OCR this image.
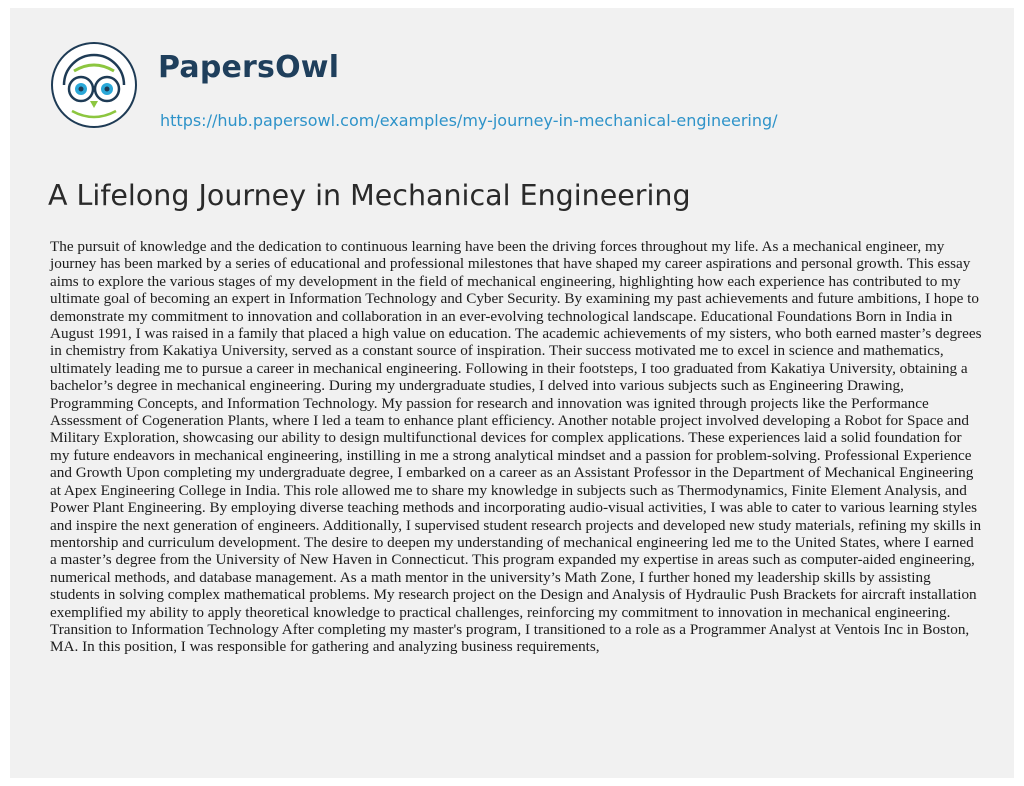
PapersOwl
https://hub.papersowl.com/examples/my-journey-in-mechanical-engineering/
A Lifelong Journey in Mechanical Engineering

The pursuit of knowledge and the dedication to continuous learning have been the driving forces throughout my life. As a mechanical engineer, my journey has been marked by a series of educational and professional milestones that have shaped my career aspirations and personal growth. This essay aims to explore the various stages of my development in the field of mechanical engineering, highlighting how each experience has contributed to my ultimate goal of becoming an expert in Information Technology and Cyber Security. By examining my past achievements and future ambitions, I hope to demonstrate my commitment to innovation and collaboration in an ever-evolving technological landscape. Educational Foundations Born in India in August 1991, I was raised in a family that placed a high value on education. The academic achievements of my sisters, who both earned master’s degrees in chemistry from Kakatiya University, served as a constant source of inspiration. Their success motivated me to excel in science and mathematics, ultimately leading me to pursue a career in mechanical engineering. Following in their footsteps, I too graduated from Kakatiya University, obtaining a bachelor’s degree in mechanical engineering. During my undergraduate studies, I delved into various subjects such as Engineering Drawing, Programming Concepts, and Information Technology. My passion for research and innovation was ignited through projects like the Performance Assessment of Cogeneration Plants, where I led a team to enhance plant efficiency. Another notable project involved developing a Robot for Space and Military Exploration, showcasing our ability to design multifunctional devices for complex applications. These experiences laid a solid foundation for my future endeavors in mechanical engineering, instilling in me a strong analytical mindset and a passion for problem-solving. Professional Experience and Growth Upon completing my undergraduate degree, I embarked on a career as an Assistant Professor in the Department of Mechanical Engineering at Apex Engineering College in India. This role allowed me to share my knowledge in subjects such as Thermodynamics, Finite Element Analysis, and Power Plant Engineering. By employing diverse teaching methods and incorporating audio-visual activities, I was able to cater to various learning styles and inspire the next generation of engineers. Additionally, I supervised student research projects and developed new study materials, refining my skills in mentorship and curriculum development. The desire to deepen my understanding of mechanical engineering led me to the United States, where I earned a master’s degree from the University of New Haven in Connecticut. This program expanded my expertise in areas such as computer-aided engineering, numerical methods, and database management. As a math mentor in the university’s Math Zone, I further honed my leadership skills by assisting students in solving complex mathematical problems. My research project on the Design and Analysis of Hydraulic Push Brackets for aircraft installation exemplified my ability to apply theoretical knowledge to practical challenges, reinforcing my commitment to innovation in mechanical engineering. Transition to Information Technology After completing my master's program, I transitioned to a role as a Programmer Analyst at Ventois Inc in Boston, MA. In this position, I was responsible for gathering and analyzing business requirements,
